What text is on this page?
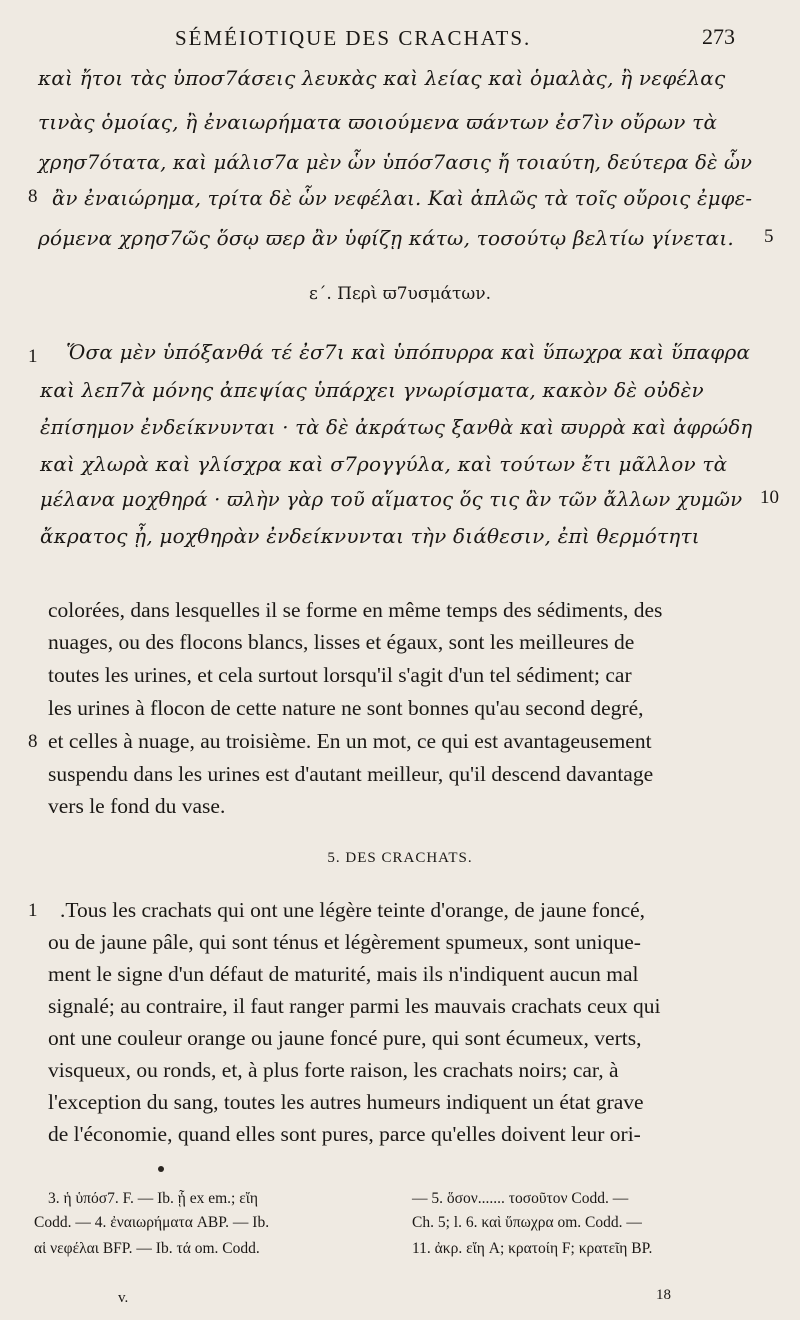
SÉMÉIOTIQUE DES CRACHATS.	273
καὶ ἤτοι τὰς ὑποσ7άσεις λευκὰς καὶ λείας καὶ ὁμαλὰς, ἢ νεφέλας
τινὰς ὁμοίας, ἢ ἐναιωρήματα ϖοιούμενα ϖάντων ἐσ7ὶν οὔρων τὰ
χρησ7ότατα, καὶ μάλισ7α μὲν ὧν ὑπόσ7ασις ἤ τοιαύτη, δεύτερα δὲ ὧν
8 ἂν ἐναιώρημα, τρίτα δὲ ὧν νεφέλαι. Καὶ ἁπλῶς τὰ τοῖς οὔροις ἐμφε-
ρόμενα χρησ7ῶς ὅσῳ ϖερ ἂν ὑφίζῃ κάτω, τοσούτῳ βελτίω γίνεται. 5
ε΄. Περὶ ϖ7υσμάτων.
1 Ὅσα μὲν ὑπόξανθά τέ ἐσ7ι καὶ ὑπόπυρρα καὶ ὕπωχρα καὶ ὕπαφρα
καὶ λεπ7ὰ μόνης ἀπεψίας ὑπάρχει γνωρίσματα, κακὸν δὲ οὐδὲν
ἐπίσημον ἐνδείκνυνται · τὰ δὲ ἀκράτως ξανθὰ καὶ ϖυρρὰ καὶ ἀφρώδη
καὶ χλωρὰ καὶ γλίσχρα καὶ σ7ρογγύλα, καὶ τούτων ἔτι μᾶλλον τὰ
μέλανα μοχθηρά · ϖλὴν γὰρ τοῦ αἵματος ὅς τις ἂν τῶν ἄλλων χυμῶν 10
ἄκρατος ᾖ, μοχθηρὰν ἐνδείκνυνται τὴν διάθεσιν, ἐπὶ θερμότητι
colorées, dans lesquelles il se forme en même temps des sédiments, des
nuages, ou des flocons blancs, lisses et égaux, sont les meilleures de
toutes les urines, et cela surtout lorsqu'il s'agit d'un tel sédiment; car
les urines à flocon de cette nature ne sont bonnes qu'au second degré,
8 et celles à nuage, au troisième. En un mot, ce qui est avantageusement
suspendu dans les urines est d'autant meilleur, qu'il descend davantage
vers le fond du vase.
5. DES CRACHATS.
1 .Tous les crachats qui ont une légère teinte d'orange, de jaune foncé,
ou de jaune pâle, qui sont ténus et légèrement spumeux, sont unique-
ment le signe d'un défaut de maturité, mais ils n'indiquent aucun mal
signalé; au contraire, il faut ranger parmi les mauvais crachats ceux qui
ont une couleur orange ou jaune foncé pure, qui sont écumeux, verts,
visqueux, ou ronds, et, à plus forte raison, les crachats noirs; car, à
l'exception du sang, toutes les autres humeurs indiquent un état grave
de l'économie, quand elles sont pures, parce qu'elles doivent leur ori-
3. ἡ ὑπόσ7. F. — Ib. ᾗ ex em.; εἴη
Codd. — 4. ἐναιωρήματα ABP. — Ib.
αἱ νεφέλαι BFP. — Ib. τά om. Codd.
— 5. ὅσον....... τοσοῦτον Codd. —
Ch. 5; l. 6. καὶ ὕπωχρα om. Codd. —
11. ἀκρ. εἴη A; κρατοίη F; κρατεῖη BP.
v.	18
